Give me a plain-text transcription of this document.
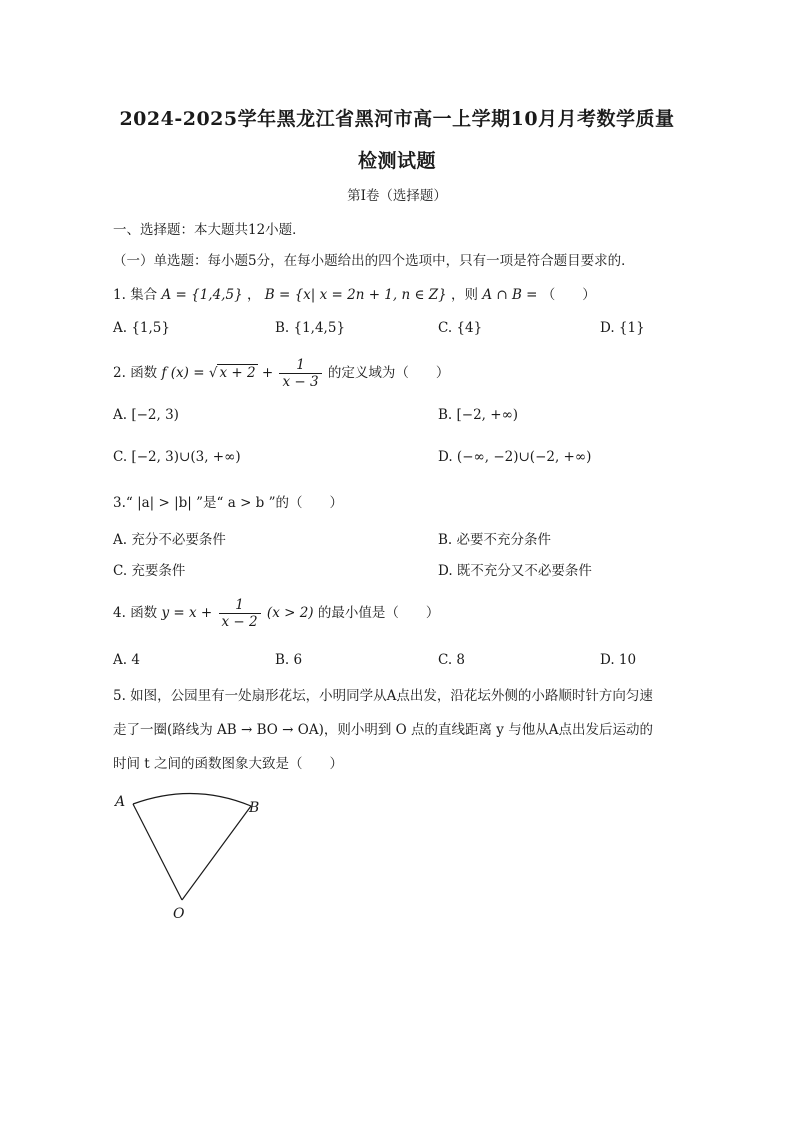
2024-2025学年黑龙江省黑河市高一上学期10月月考数学质量
检测试题
第I卷（选择题）
一、选择题：本大题共12小题．
（一）单选题：每小题5分，在每小题给出的四个选项中，只有一项是符合题目要求的．
1. 集合 A = {1,4,5} ， B = {x| x = 2n + 1, n ∈ Z} ，则 A ∩ B = （　　）
A. {1,5}	B. {1,4,5}	C. {4}	D. {1}
2. 函数 f (x) = √ $x + 2 + \frac{1}{x - 3}$ 的定义域为（　　）
A. [−2, 3)	B. [−2, +∞)
C. [−2, 3)∪(3, +∞)	D. (−∞, −2)∪(−2, +∞)
3.“ |a| > |b| ”是“ a > b ”的（　　）
A. 充分不必要条件	B. 必要不充分条件
C. 充要条件	D. 既不充分又不必要条件
4. 函数 $y = x + \frac{1}{x - 2} (x > 2)$ 的最小值是（　　）
A. 4	B. 6	C. 8	D. 10
5. 如图，公园里有一处扇形花坛，小明同学从A点出发，沿花坛外侧的小路顺时针方向匀速
走了一圈(路线为 AB → BO → OA)，则小明到 O 点的直线距离 y 与他从A点出发后运动的
时间 t 之间的函数图象大致是（　　）
A	B
O
